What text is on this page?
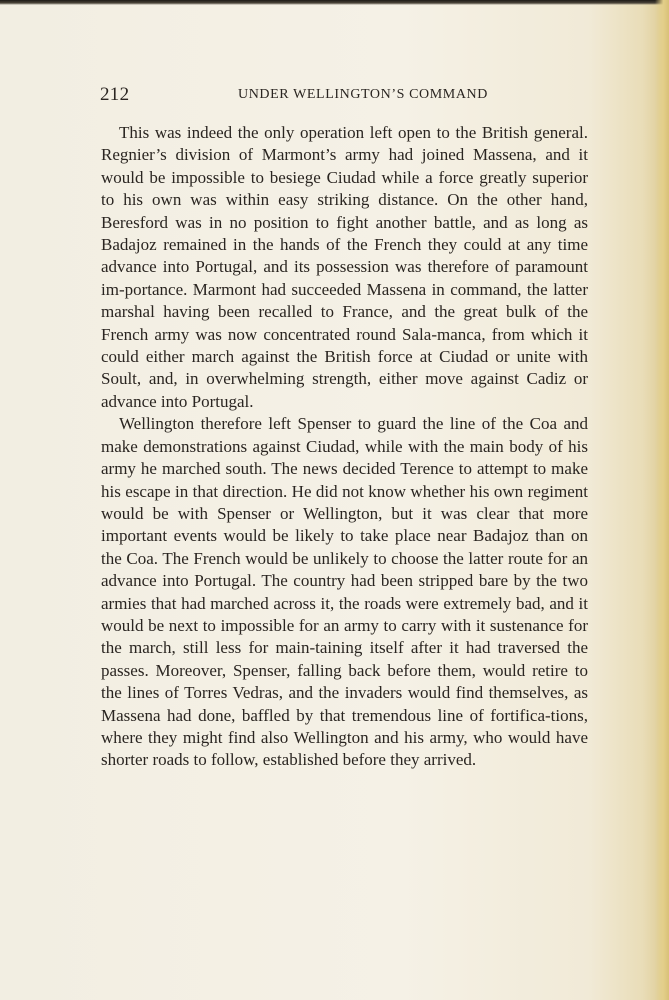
212	UNDER WELLINGTON’S COMMAND

This was indeed the only operation left open to the British general. Regnier’s division of Marmont’s army had joined Massena, and it would be impossible to besiege Ciudad while a force greatly superior to his own was within easy striking distance. On the other hand, Beresford was in no position to fight another battle, and as long as Badajoz remained in the hands of the French they could at any time advance into Portugal, and its possession was therefore of paramount im-portance. Marmont had succeeded Massena in command, the latter marshal having been recalled to France, and the great bulk of the French army was now concentrated round Sala-manca, from which it could either march against the British force at Ciudad or unite with Soult, and, in overwhelming strength, either move against Cadiz or advance into Portugal.

Wellington therefore left Spenser to guard the line of the Coa and make demonstrations against Ciudad, while with the main body of his army he marched south. The news decided Terence to attempt to make his escape in that direction. He did not know whether his own regiment would be with Spenser or Wellington, but it was clear that more important events would be likely to take place near Badajoz than on the Coa. The French would be unlikely to choose the latter route for an advance into Portugal. The country had been stripped bare by the two armies that had marched across it, the roads were extremely bad, and it would be next to impossible for an army to carry with it sustenance for the march, still less for main-taining itself after it had traversed the passes. Moreover, Spenser, falling back before them, would retire to the lines of Torres Vedras, and the invaders would find themselves, as Massena had done, baffled by that tremendous line of fortifica-tions, where they might find also Wellington and his army, who would have shorter roads to follow, established before they arrived.
